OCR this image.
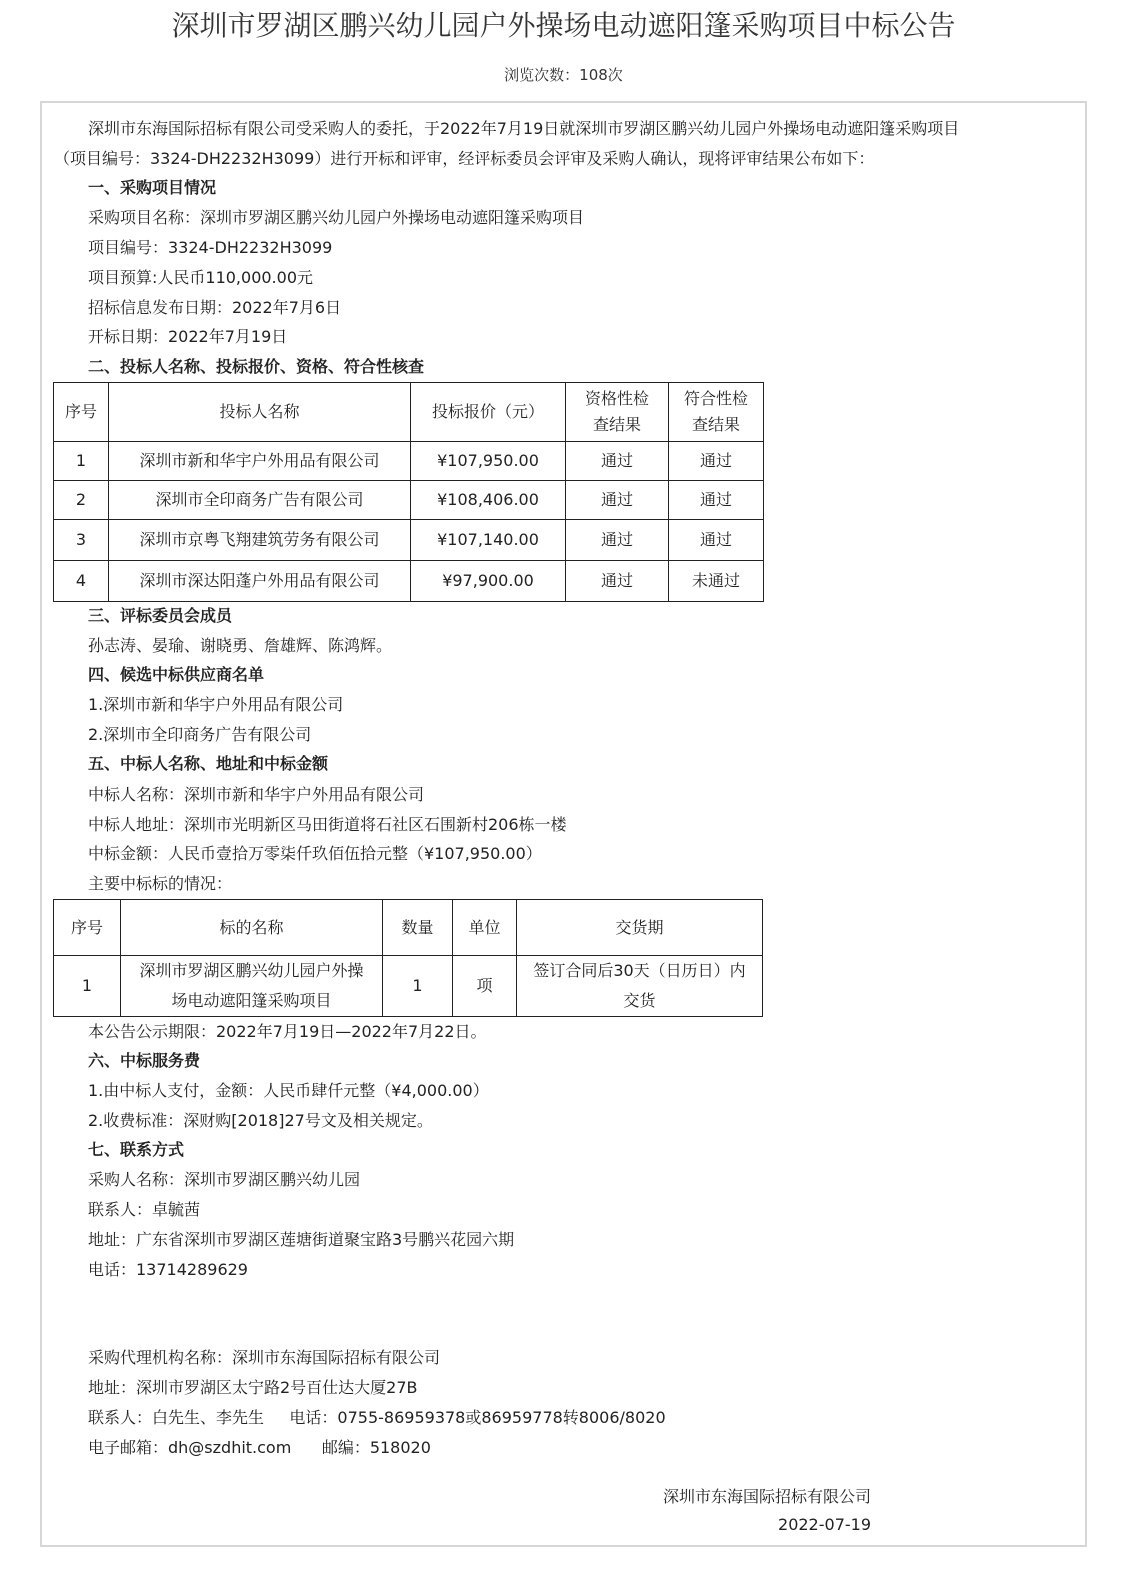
深圳市罗湖区鹏兴幼儿园户外操场电动遮阳篷采购项目中标公告
浏览次数：108次
深圳市东海国际招标有限公司受采购人的委托，于2022年7月19日就深圳市罗湖区鹏兴幼儿园户外操场电动遮阳篷采购项目
（项目编号：3324-DH2232H3099）进行开标和评审，经评标委员会评审及采购人确认，现将评审结果公布如下：
一、采购项目情况
采购项目名称：深圳市罗湖区鹏兴幼儿园户外操场电动遮阳篷采购项目
项目编号：3324-DH2232H3099
项目预算:人民币110,000.00元
招标信息发布日期：2022年7月6日
开标日期：2022年7月19日
二、投标人名称、投标报价、资格、符合性核查
序号	投标人名称	投标报价（元）	资格性检查结果	符合性检查结果
1	深圳市新和华宇户外用品有限公司	¥107,950.00	通过	通过
2	深圳市全印商务广告有限公司	¥108,406.00	通过	通过
3	深圳市京粤飞翔建筑劳务有限公司	¥107,140.00	通过	通过
4	深圳市深达阳蓬户外用品有限公司	¥97,900.00	通过	未通过
三、评标委员会成员
孙志涛、晏瑜、谢晓勇、詹雄辉、陈鸿辉。
四、候选中标供应商名单
1.深圳市新和华宇户外用品有限公司
2.深圳市全印商务广告有限公司
五、中标人名称、地址和中标金额
中标人名称：深圳市新和华宇户外用品有限公司
中标人地址：深圳市光明新区马田街道将石社区石围新村206栋一楼
中标金额：人民币壹拾万零柒仟玖佰伍拾元整（¥107,950.00）
主要中标标的情况：
序号	标的名称	数量	单位	交货期
1	深圳市罗湖区鹏兴幼儿园户外操场电动遮阳篷采购项目	1	项	签订合同后30天（日历日）内交货
本公告公示期限：2022年7月19日—2022年7月22日。
六、中标服务费
1.由中标人支付，金额：人民币肆仟元整（¥4,000.00）
2.收费标准：深财购[2018]27号文及相关规定。
七、联系方式
采购人名称：深圳市罗湖区鹏兴幼儿园
联系人：卓毓茜
地址：广东省深圳市罗湖区莲塘街道聚宝路3号鹏兴花园六期
电话：13714289629
采购代理机构名称：深圳市东海国际招标有限公司
地址：深圳市罗湖区太宁路2号百仕达大厦27B
联系人：白先生、李先生     电话：0755-86959378或86959778转8006/8020
电子邮箱：dh@szdhit.com      邮编：518020
深圳市东海国际招标有限公司
2022-07-19
